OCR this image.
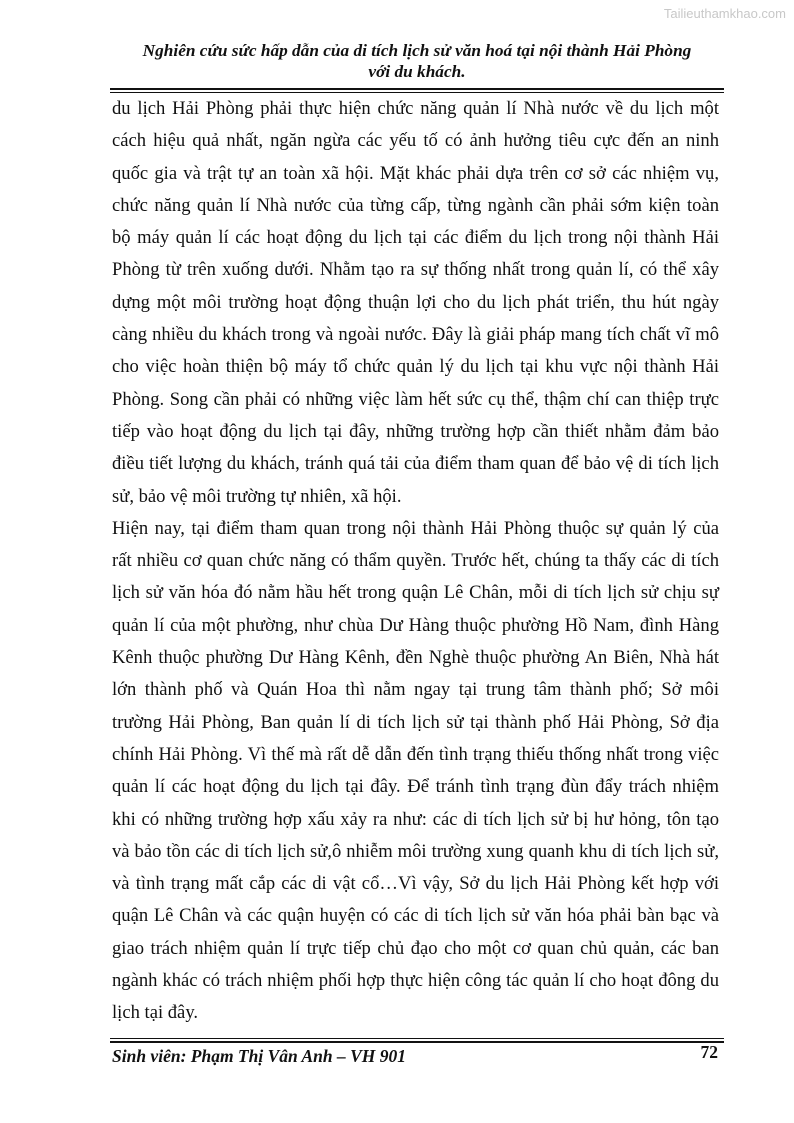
Tailieuthamkhao.com
Nghiên cứu sức hấp dẫn của di tích lịch sử văn hoá tại nội thành Hải Phòng
với du khách.
du lịch Hải Phòng phải thực hiện chức năng quản lí Nhà nước về du lịch một
cách hiệu quả nhất, ngăn ngừa các yếu tố có ảnh hưởng tiêu cực đến an ninh
quốc gia và trật tự an toàn xã hội. Mặt khác phải dựa trên cơ sở các nhiệm vụ,
chức năng quản lí Nhà nước của từng cấp, từng ngành cần phải sớm kiện toàn
bộ máy quản lí các hoạt động du lịch tại các điểm du lịch trong nội thành Hải
Phòng từ trên xuống dưới. Nhằm tạo ra sự thống nhất trong quản lí, có thể xây
dựng một môi trường hoạt động thuận lợi cho du lịch phát triển, thu hút ngày
càng nhiều du khách trong và ngoài nước. Đây là giải pháp mang tích chất vĩ mô
cho việc hoàn thiện bộ máy tổ chức quản lý du lịch tại khu vực nội thành Hải
Phòng. Song cần phải có những việc làm hết sức cụ thể, thậm chí can thiệp trực
tiếp vào hoạt động du lịch tại đây, những trường hợp cần thiết nhằm đảm bảo
điều tiết lượng du khách, tránh quá tải của điểm tham quan để bảo vệ di tích lịch
sử, bảo vệ môi trường tự nhiên, xã hội.
Hiện nay, tại điểm tham quan trong nội thành Hải Phòng thuộc sự quản lý của
rất nhiều cơ quan chức năng có thẩm quyền. Trước hết, chúng ta thấy các di tích
lịch sử văn hóa đó nằm hầu hết trong quận Lê Chân, mỗi di tích lịch sử chịu sự
quản lí của một phường, như chùa Dư Hàng thuộc phường Hồ Nam, đình Hàng
Kênh thuộc phường Dư Hàng Kênh, đền Nghè thuộc phường An Biên, Nhà hát
lớn thành phố và Quán Hoa thì nằm ngay tại trung tâm thành phố; Sở môi
trường Hải Phòng, Ban quản lí di tích lịch sử tại thành phố Hải Phòng, Sở địa
chính Hải Phòng. Vì thế mà rất dễ dẫn đến tình trạng thiếu thống nhất trong việc
quản lí các hoạt động du lịch tại đây. Để tránh tình trạng đùn đẩy trách nhiệm
khi có những trường hợp xấu xảy ra như: các di tích lịch sử bị hư hỏng, tôn tạo
và bảo tồn các di tích lịch sử,ô nhiễm môi trường xung quanh khu di tích lịch sử,
và tình trạng mất cắp các di vật cổ…Vì vậy, Sở du lịch Hải Phòng kết hợp với
quận Lê Chân và các quận huyện có các di tích lịch sử văn hóa phải bàn bạc và
giao trách nhiệm quản lí trực tiếp chủ đạo cho một cơ quan chủ quản, các ban
ngành khác có trách nhiệm phối hợp thực hiện công tác quản lí cho hoạt đông du
lịch tại đây.
Sinh viên: Phạm Thị Vân Anh – VH 901	72
